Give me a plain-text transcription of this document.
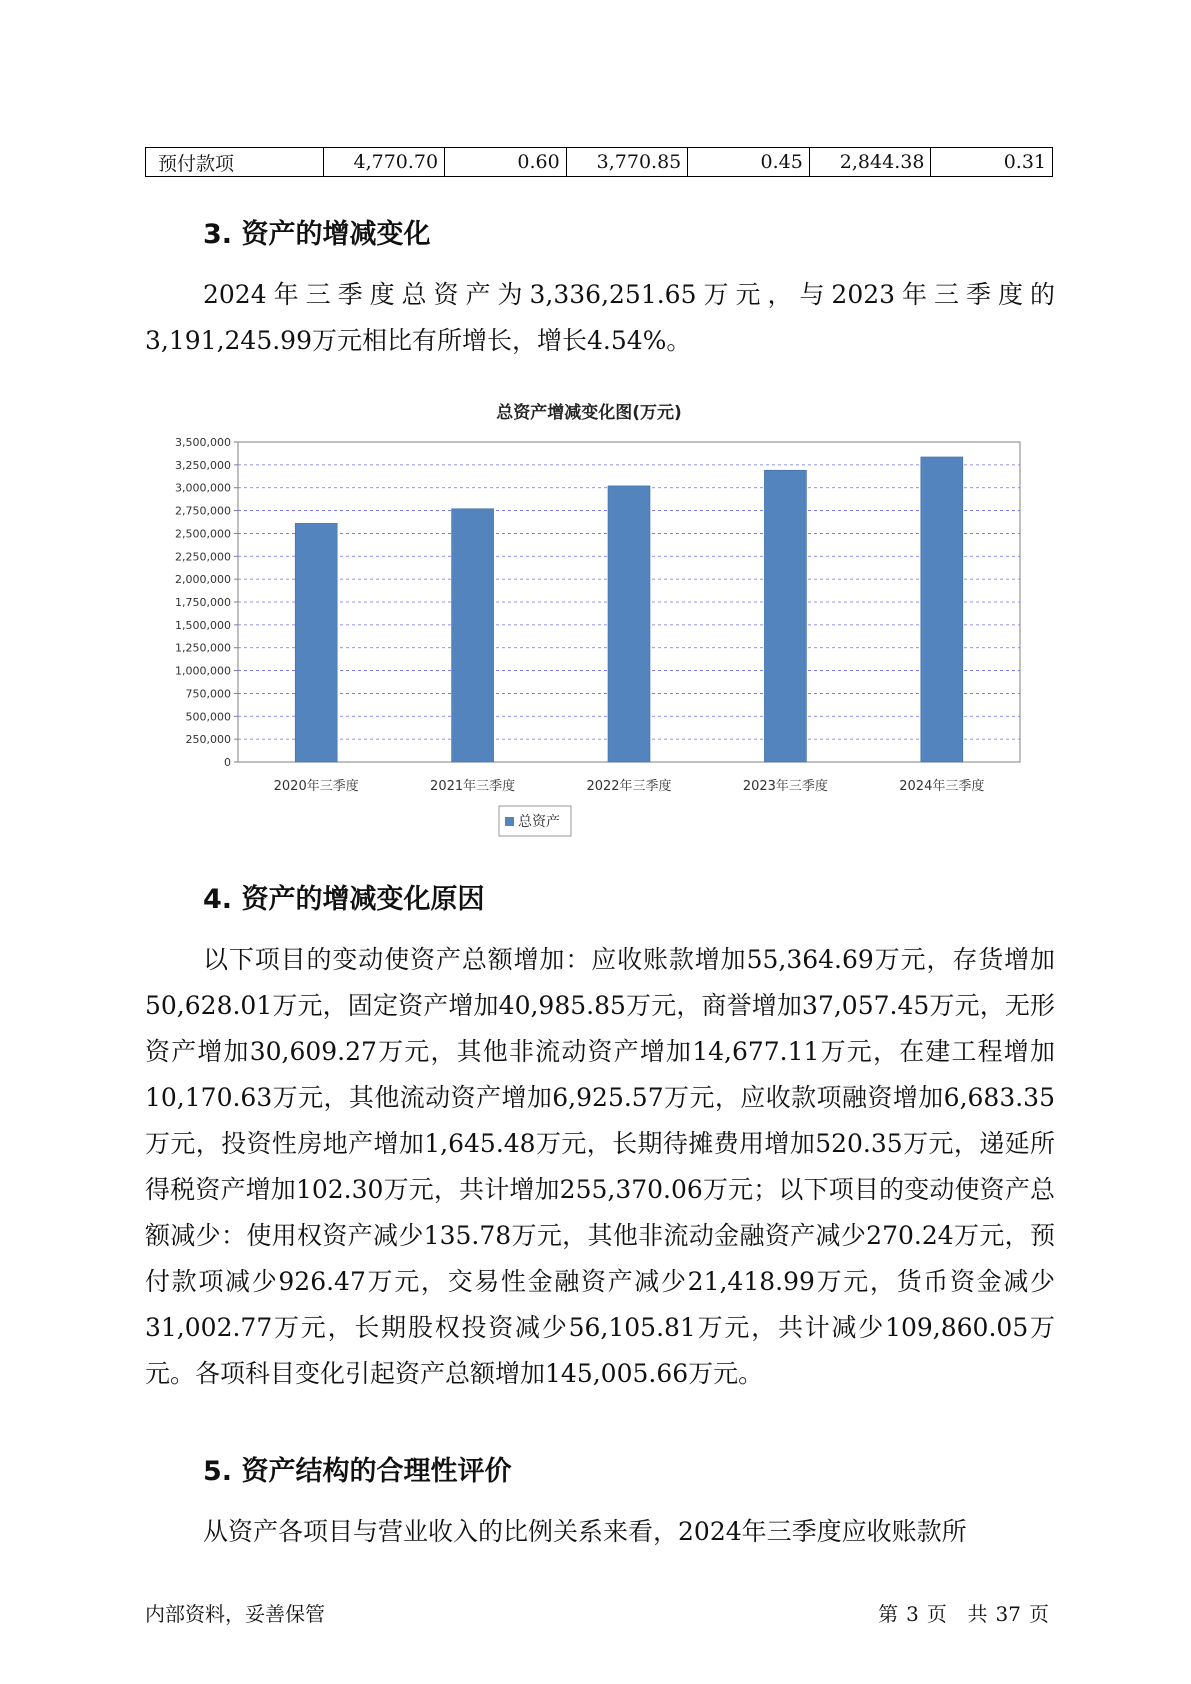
预付款项	4,770.70	0.60	3,770.85	0.45	2,844.38	0.31
3. 资产的增减变化

2024年三季度总资产为3,336,251.65万元，与2023年三季度的3,191,245.99万元相比有所增长，增长4.54%。

总资产增减变化图(万元)
0
250,000
500,000
750,000
1,000,000
1,250,000
1,500,000
1,750,000
2,000,000
2,250,000
2,500,000
2,750,000
3,000,000
3,250,000
3,500,000
2020年三季度	2021年三季度	2022年三季度	2023年三季度	2024年三季度
总资产
4. 资产的增减变化原因

以下项目的变动使资产总额增加：应收账款增加55,364.69万元，存货增加50,628.01万元，固定资产增加40,985.85万元，商誉增加37,057.45万元，无形资产增加30,609.27万元，其他非流动资产增加14,677.11万元，在建工程增加10,170.63万元，其他流动资产增加6,925.57万元，应收款项融资增加6,683.35万元，投资性房地产增加1,645.48万元，长期待摊费用增加520.35万元，递延所得税资产增加102.30万元，共计增加255,370.06万元；以下项目的变动使资产总额减少：使用权资产减少135.78万元，其他非流动金融资产减少270.24万元，预付款项减少926.47万元，交易性金融资产减少21,418.99万元，货币资金减少31,002.77万元，长期股权投资减少56,105.81万元，共计减少109,860.05万元。各项科目变化引起资产总额增加145,005.66万元。

5. 资产结构的合理性评价

从资产各项目与营业收入的比例关系来看，2024年三季度应收账款所

内部资料，妥善保管	第 3 页 共 37 页
